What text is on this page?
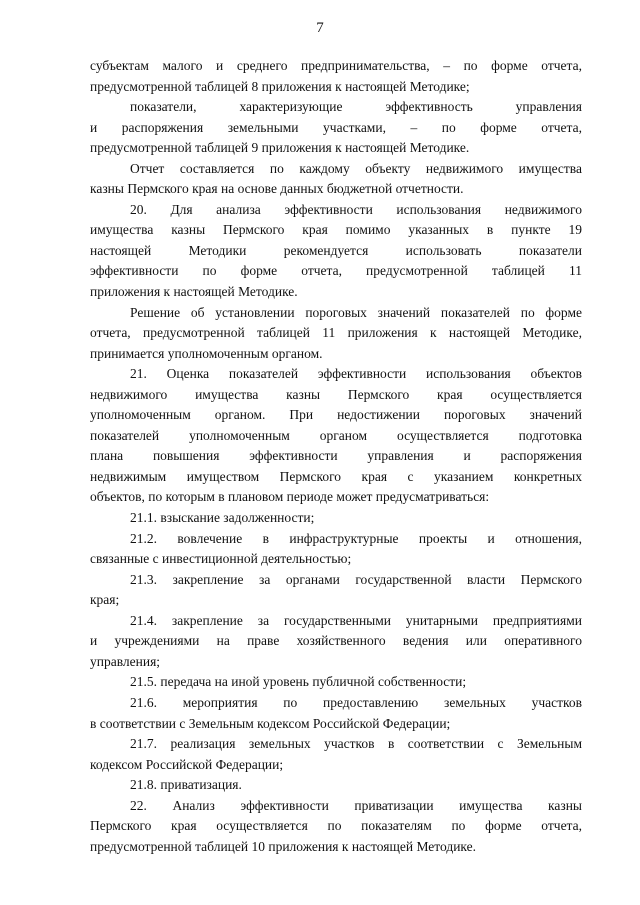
7
субъектам малого и среднего предпринимательства, – по форме отчета,
предусмотренной таблицей 8 приложения к настоящей Методике;
показатели, характеризующие эффективность управления
и распоряжения земельными участками, – по форме отчета,
предусмотренной таблицей 9 приложения к настоящей Методике.
Отчет составляется по каждому объекту недвижимого имущества
казны Пермского края на основе данных бюджетной отчетности.
20. Для анализа эффективности использования недвижимого
имущества казны Пермского края помимо указанных в пункте 19
настоящей Методики рекомендуется использовать показатели
эффективности по форме отчета, предусмотренной таблицей 11
приложения к настоящей Методике.
Решение об установлении пороговых значений показателей по форме
отчета, предусмотренной таблицей 11 приложения к настоящей Методике,
принимается уполномоченным органом.
21. Оценка показателей эффективности использования объектов
недвижимого имущества казны Пермского края осуществляется
уполномоченным органом. При недостижении пороговых значений
показателей уполномоченным органом осуществляется подготовка
плана повышения эффективности управления и распоряжения
недвижимым имуществом Пермского края с указанием конкретных
объектов, по которым в плановом периоде может предусматриваться:
21.1. взыскание задолженности;
21.2. вовлечение в инфраструктурные проекты и отношения,
связанные с инвестиционной деятельностью;
21.3. закрепление за органами государственной власти Пермского
края;
21.4. закрепление за государственными унитарными предприятиями
и учреждениями на праве хозяйственного ведения или оперативного
управления;
21.5. передача на иной уровень публичной собственности;
21.6. мероприятия по предоставлению земельных участков
в соответствии с Земельным кодексом Российской Федерации;
21.7. реализация земельных участков в соответствии с Земельным
кодексом Российской Федерации;
21.8. приватизация.
22. Анализ эффективности приватизации имущества казны
Пермского края осуществляется по показателям по форме отчета,
предусмотренной таблицей 10 приложения к настоящей Методике.
